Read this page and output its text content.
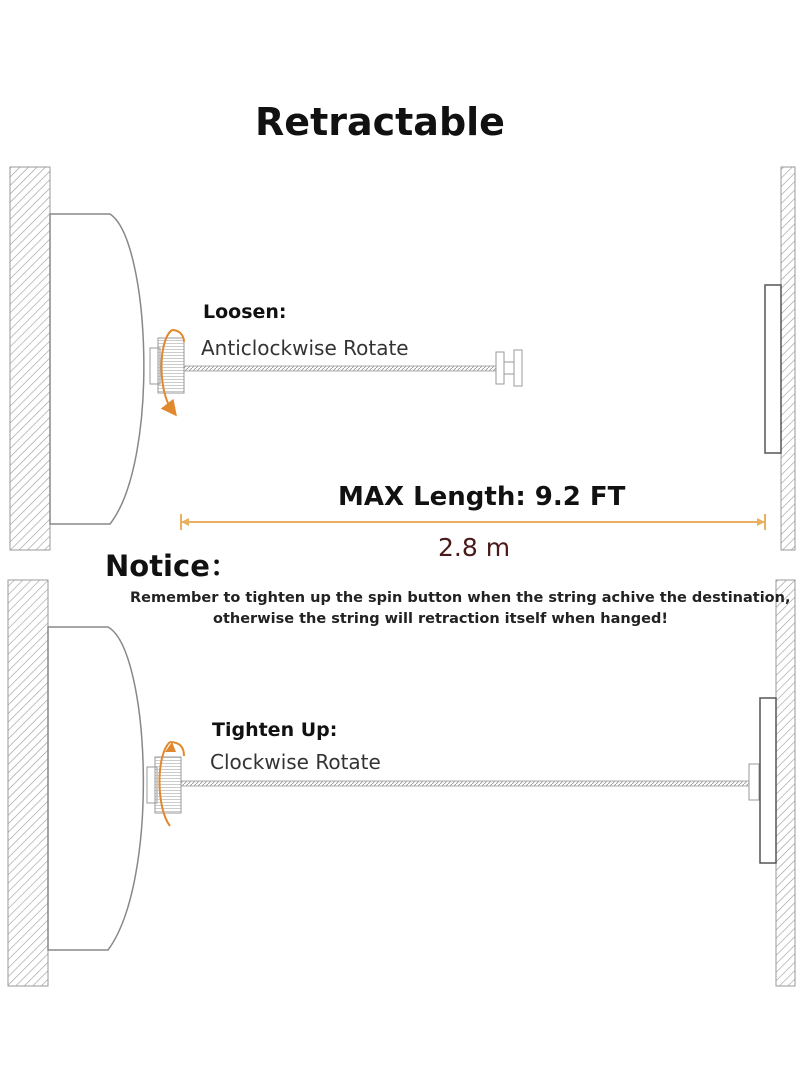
Retractable
Loosen:
Anticlockwise Rotate
MAX Length: 9.2 FT
2.8 m
Notice：
Remember to tighten up the spin button when the string achive the destination,
otherwise the string will retraction itself when hanged!
Tighten Up:
Clockwise Rotate
